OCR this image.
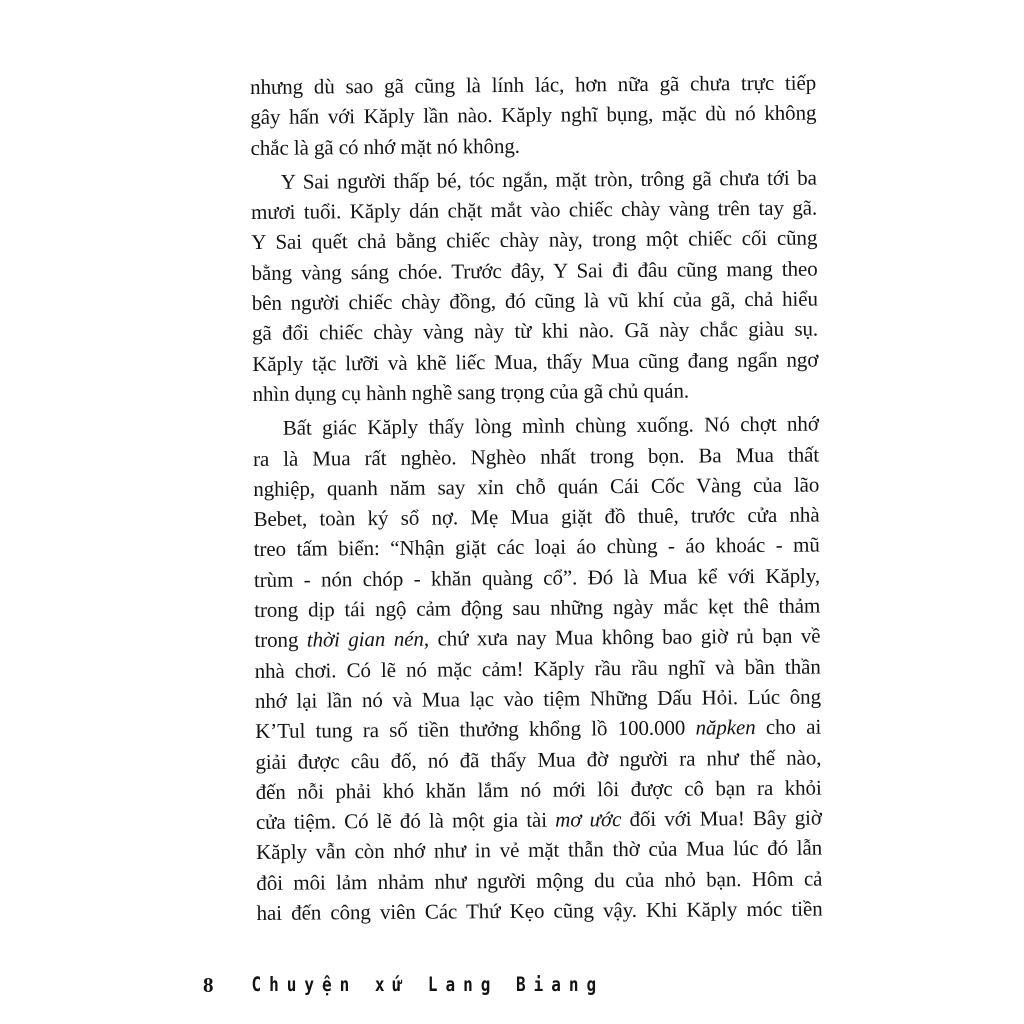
nhưng dù sao gã cũng là lính lác, hơn nữa gã chưa trực tiếp
gây hấn với Kăply lần nào. Kăply nghĩ bụng, mặc dù nó không
chắc là gã có nhớ mặt nó không.
Y Sai người thấp bé, tóc ngắn, mặt tròn, trông gã chưa tới ba
mươi tuổi. Kăply dán chặt mắt vào chiếc chày vàng trên tay gã.
Y Sai quết chả bằng chiếc chày này, trong một chiếc cối cũng
bằng vàng sáng chóe. Trước đây, Y Sai đi đâu cũng mang theo
bên người chiếc chày đồng, đó cũng là vũ khí của gã, chả hiểu
gã đổi chiếc chày vàng này từ khi nào. Gã này chắc giàu sụ.
Kăply tặc lưỡi và khẽ liếc Mua, thấy Mua cũng đang ngẩn ngơ
nhìn dụng cụ hành nghề sang trọng của gã chủ quán.
Bất giác Kăply thấy lòng mình chùng xuống. Nó chợt nhớ
ra là Mua rất nghèo. Nghèo nhất trong bọn. Ba Mua thất
nghiệp, quanh năm say xỉn chỗ quán Cái Cốc Vàng của lão
Bebet, toàn ký sổ nợ. Mẹ Mua giặt đồ thuê, trước cửa nhà
treo tấm biển: “Nhận giặt các loại áo chùng - áo khoác - mũ
trùm - nón chóp - khăn quàng cổ”. Đó là Mua kể với Kăply,
trong dịp tái ngộ cảm động sau những ngày mắc kẹt thê thảm
trong thời gian nén, chứ xưa nay Mua không bao giờ rủ bạn về
nhà chơi. Có lẽ nó mặc cảm! Kăply rầu rầu nghĩ và bần thần
nhớ lại lần nó và Mua lạc vào tiệm Những Dấu Hỏi. Lúc ông
K’Tul tung ra số tiền thưởng khổng lồ 100.000 năpken cho ai
giải được câu đố, nó đã thấy Mua đờ người ra như thế nào,
đến nỗi phải khó khăn lắm nó mới lôi được cô bạn ra khỏi
cửa tiệm. Có lẽ đó là một gia tài mơ ước đối với Mua! Bây giờ
Kăply vẫn còn nhớ như in vẻ mặt thẫn thờ của Mua lúc đó lẫn
đôi môi lảm nhảm như người mộng du của nhỏ bạn. Hôm cả
hai đến công viên Các Thứ Kẹo cũng vậy. Khi Kăply móc tiền
8 Chuyện xứ Lang Biang
